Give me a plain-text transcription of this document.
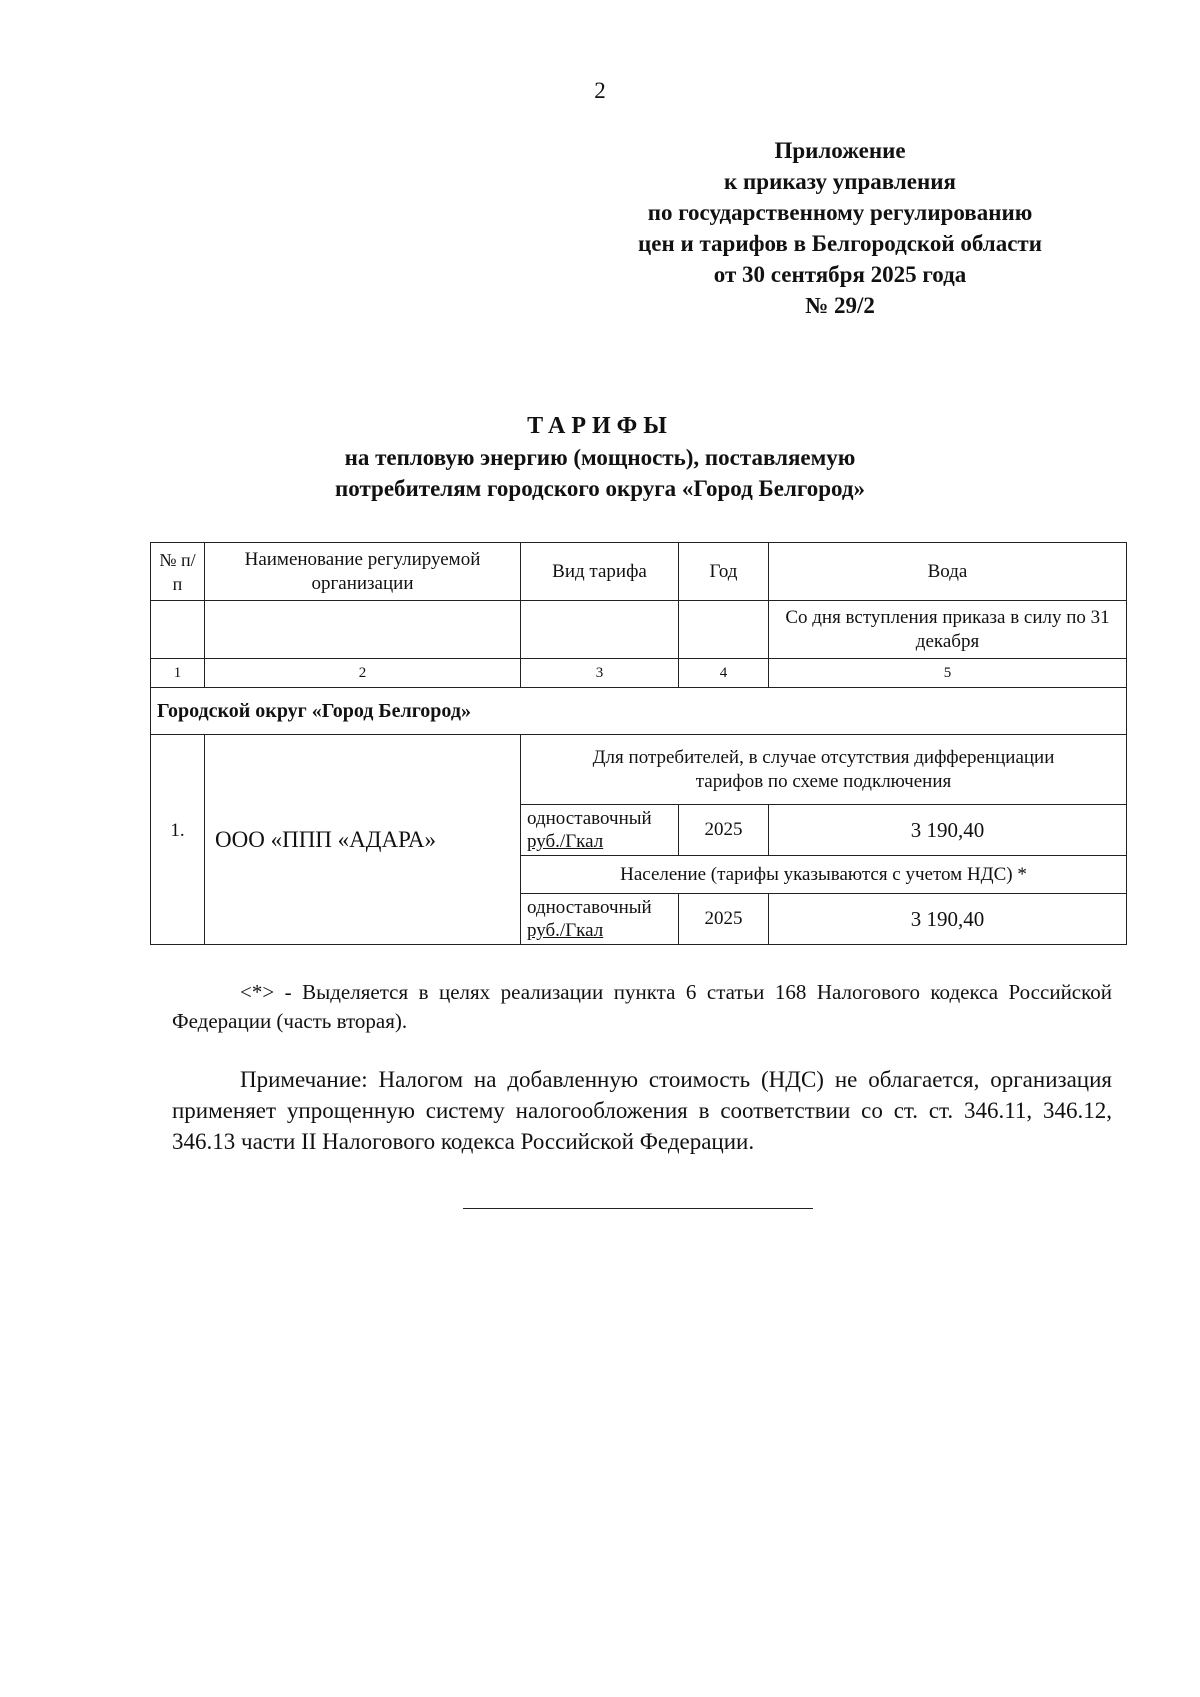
2
Приложение
к приказу управления
по государственному регулированию
цен и тарифов в Белгородской области
от 30 сентября 2025 года
№ 29/2
ТАРИФЫ
на тепловую энергию (мощность), поставляемую
потребителям городского округа «Город Белгород»
№ п/п	Наименование регулируемой организации	Вид тарифа	Год	Вода
				Со дня вступления приказа в силу по 31 декабря
1	2	3	4	5
Городской округ «Город Белгород»				
1.	ООО «ППП «АДАРА»	Для потребителей, в случае отсутствия дифференциации тарифов по схеме подключения		
		одноставочный
руб./Гкал	2025	3 190,40
		Население (тарифы указываются с учетом НДС) *		
		одноставочный
руб./Гкал	2025	3 190,40
<*> - Выделяется в целях реализации пункта 6 статьи 168 Налогового кодекса Российской Федерации (часть вторая).
Примечание: Налогом на добавленную стоимость (НДС) не облагается, организация применяет упрощенную систему налогообложения в соответствии со ст. ст. 346.11, 346.12, 346.13 части II Налогового кодекса Российской Федерации.
